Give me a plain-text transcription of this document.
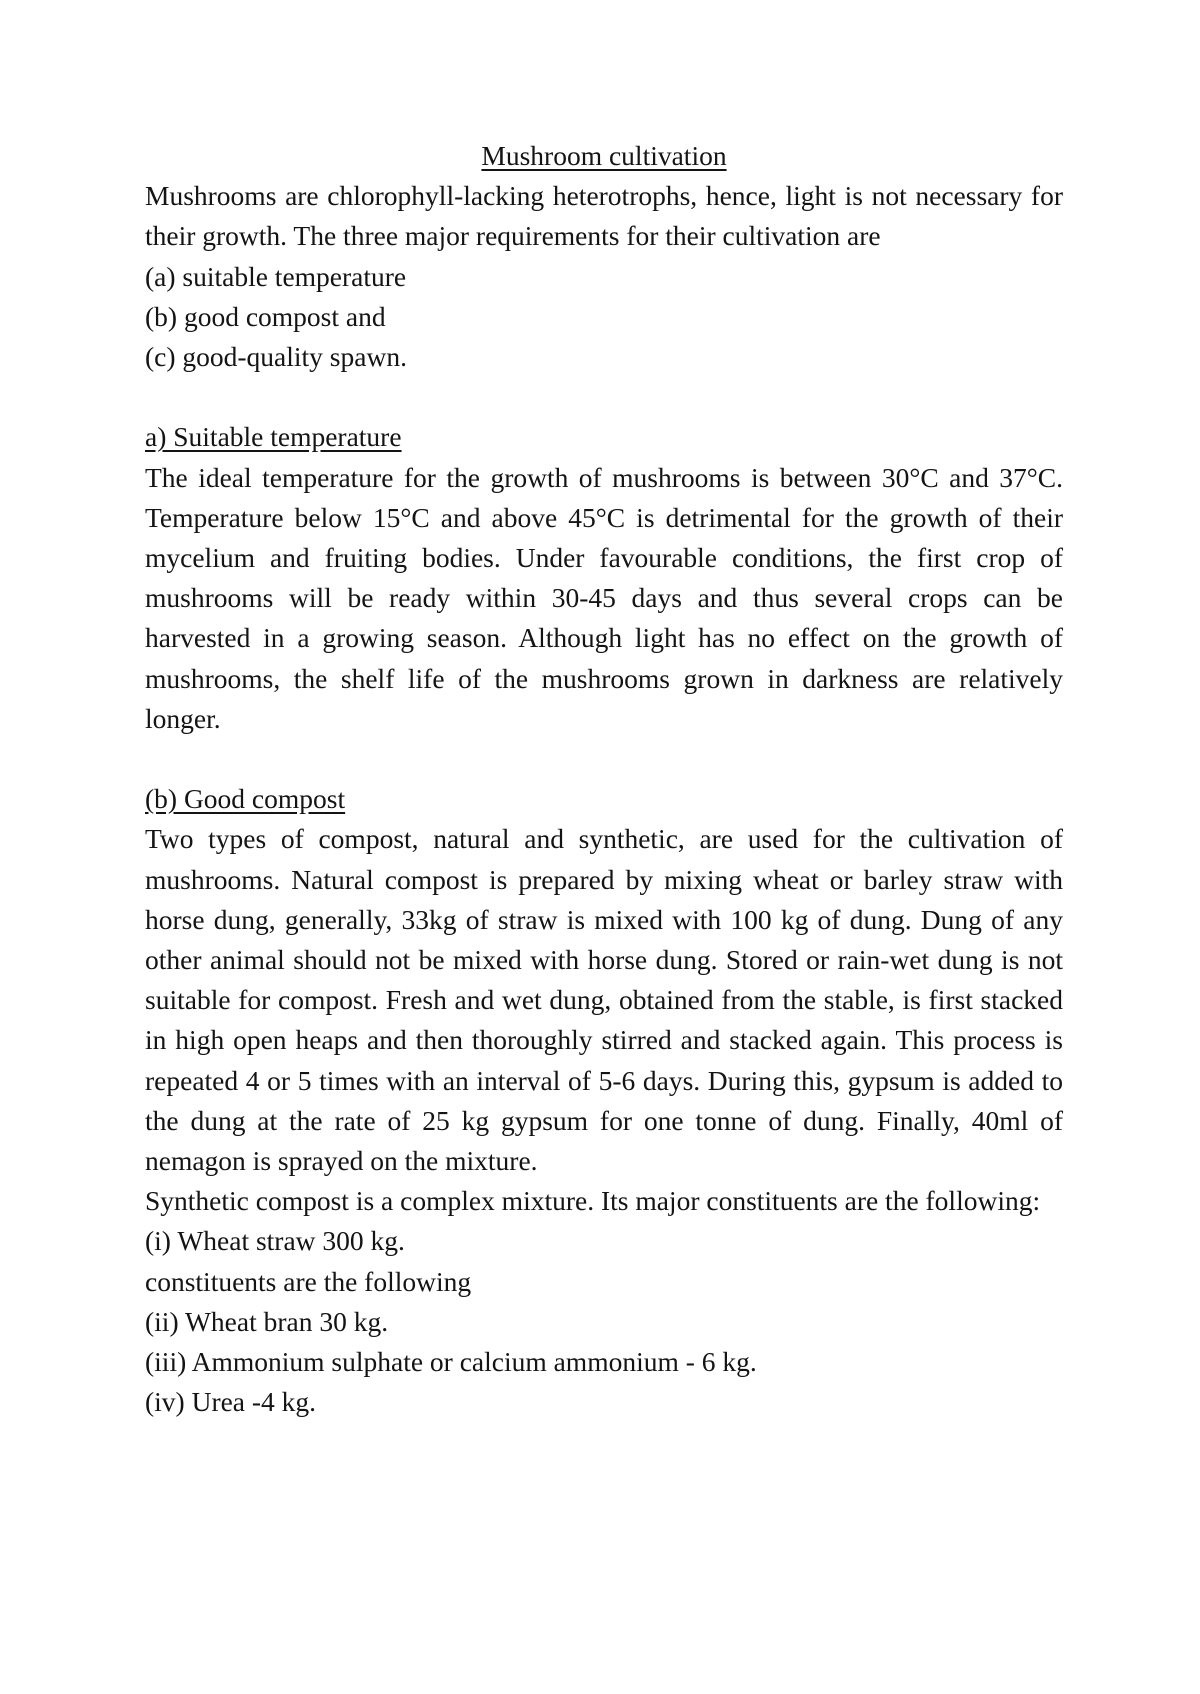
Mushroom cultivation

Mushrooms are chlorophyll-lacking heterotrophs, hence, light is not necessary for their growth. The three major requirements for their cultivation are

(a) suitable temperature

(b) good compost and

(c) good-quality spawn.

a) Suitable temperature

The ideal temperature for the growth of mushrooms is between 30°C and 37°C. Temperature below 15°C and above 45°C is detrimental for the growth of their mycelium and fruiting bodies. Under favourable conditions, the first crop of mushrooms will be ready within 30-45 days and thus several crops can be harvested in a growing season. Although light has no effect on the growth of mushrooms, the shelf life of the mushrooms grown in darkness are relatively longer.

(b) Good compost

Two types of compost, natural and synthetic, are used for the cultivation of mushrooms. Natural compost is prepared by mixing wheat or barley straw with horse dung, generally, 33kg of straw is mixed with 100 kg of dung. Dung of any other animal should not be mixed with horse dung. Stored or rain-wet dung is not suitable for compost. Fresh and wet dung, obtained from the stable, is first stacked in high open heaps and then thoroughly stirred and stacked again. This process is repeated 4 or 5 times with an interval of 5-6 days. During this, gypsum is added to the dung at the rate of 25 kg gypsum for one tonne of dung. Finally, 40ml of nemagon is sprayed on the mixture.

Synthetic compost is a complex mixture. Its major constituents are the following:

(i) Wheat straw 300 kg.

constituents are the following

(ii) Wheat bran 30 kg.

(iii) Ammonium sulphate or calcium ammonium - 6 kg.

(iv) Urea -4 kg.
